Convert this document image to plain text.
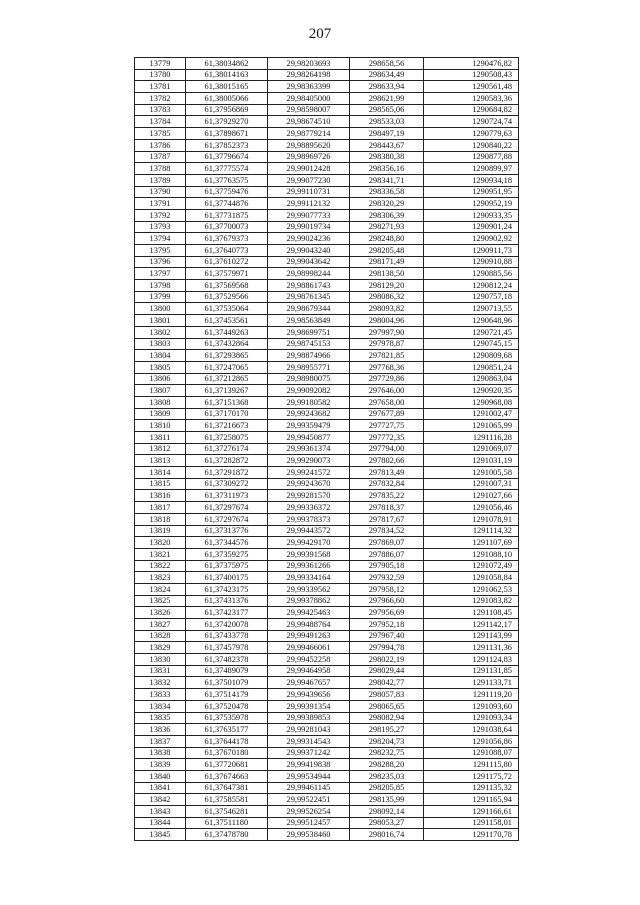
207
13779	61,38034862	29,98203693	298658,56	1290476,82
13780	61,38014163	29,98264198	298634,49	1290508,43
13781	61,38015165	29,98363399	298633,94	1290561,48
13782	61,38005066	29,98405000	298621,99	1290583,36
13783	61,37956869	29,98598007	298565,06	1290684,82
13784	61,37929270	29,98674510	298533,03	1290724,74
13785	61,37898671	29,98779214	298497,19	1290779,63
13786	61,37852373	29,98895620	298443,67	1290840,22
13787	61,37796674	29,98969726	298380,38	1290877,88
13788	61,37775574	29,99012428	298356,16	1290899,97
13789	61,37763575	29,99077230	298341,71	1290934,18
13790	61,37759476	29,99110731	298336,58	1290951,95
13791	61,37744876	29,99112132	298320,29	1290952,19
13792	61,37731875	29,99077733	298306,39	1290933,35
13793	61,37700073	29,99019734	298271,93	1290901,24
13794	61,37679373	29,99024236	298248,80	1290902,92
13795	61,37640773	29,99043240	298205,48	1290911,73
13796	61,37610272	29,99043642	298171,49	1290910,88
13797	61,37579971	29,98998244	298138,50	1290885,56
13798	61,37569568	29,98861743	298129,20	1290812,24
13799	61,37529566	29,98761345	298086,32	1290757,18
13800	61,37535064	29,98679344	298093,82	1290713,55
13801	61,37453561	29,98563849	298004,96	1290648,96
13802	61,37449263	29,98699751	297997,90	1290721,45
13803	61,37432864	29,98745153	297978,87	1290745,15
13804	61,37293865	29,98874966	297821,85	1290809,68
13805	61,37247065	29,98955771	297768,36	1290851,24
13806	61,37212865	29,98980075	297729,86	1290863,04
13807	61,37139267	29,99092082	297646,00	1290920,35
13808	61,37151368	29,99180582	297658,00	1290968,08
13809	61,37170170	29,99243682	297677,89	1291002,47
13810	61,37216673	29,99359479	297727,75	1291065,99
13811	61,37258075	29,99450877	297772,35	1291116,28
13812	61,37276174	29,99361374	297794,00	1291069,07
13813	61,37282872	29,99290073	297802,66	1291031,19
13814	61,37291872	29,99241572	297813,49	1291005,58
13815	61,37309272	29,99243670	297832,84	1291007,31
13816	61,37311973	29,99281570	297835,22	1291027,66
13817	61,37297674	29,99336372	297818,37	1291056,46
13818	61,37297674	29,99378373	297817,67	1291078,91
13819	61,37313776	29,99443572	297834,52	1291114,32
13820	61,37344576	29,99429170	297869,07	1291107,69
13821	61,37359275	29,99391568	297886,07	1291088,10
13822	61,37375975	29,99361266	297905,18	1291072,49
13823	61,37400175	29,99334164	297932,59	1291058,84
13824	61,37423175	29,99339562	297958,12	1291062,53
13825	61,37431376	29,99378862	297966,60	1291083,82
13826	61,37423177	29,99425463	297956,69	1291108,45
13827	61,37420078	29,99488764	297952,18	1291142,17
13828	61,37433778	29,99491263	297967,40	1291143,99
13829	61,37457978	29,99466061	297994,78	1291131,36
13830	61,37482378	29,99452258	298022,19	1291124,83
13831	61,37489079	29,99464958	298029,44	1291131,85
13832	61,37501079	29,99467657	298042,77	1291133,71
13833	61,37514179	29,99439656	298057,83	1291119,20
13834	61,37520478	29,99391354	298065,65	1291093,60
13835	61,37535978	29,99389853	298082,94	1291093,34
13836	61,37635177	29,99281043	298195,27	1291038,64
13837	61,37644178	29,99314543	298204,73	1291056,86
13838	61,37670180	29,99371242	298232,75	1291088,07
13839	61,37720681	29,99419838	298288,20	1291115,80
13840	61,37674663	29,99534944	298235,03	1291175,72
13841	61,37647381	29,99461145	298205,85	1291135,32
13842	61,37585581	29,99522451	298135,99	1291165,94
13843	61,37546281	29,99526254	298092,14	1291166,61
13844	61,37511180	29,99512457	298053,27	1291158,01
13845	61,37478780	29,99538460	298016,74	1291170,78
